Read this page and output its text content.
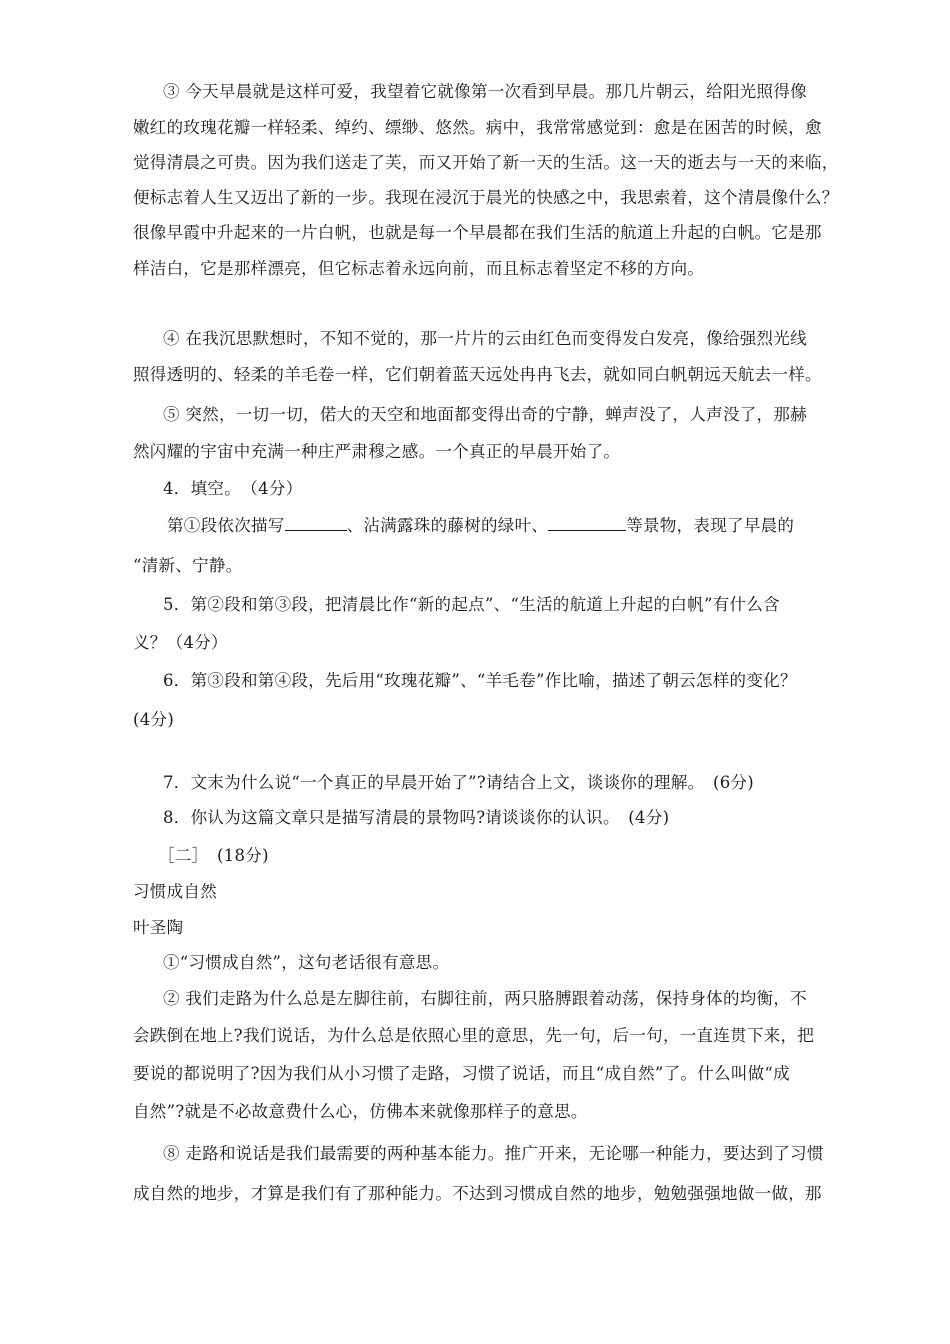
③ 今天早晨就是这样可爱，我望着它就像第一次看到早晨。那几片朝云，给阳光照得像
嫩红的玫瑰花瓣一样轻柔、绰约、缥缈、悠然。病中，我常常感觉到：愈是在困苦的时候，愈
觉得清晨之可贵。因为我们送走了芙，而又开始了新一天的生活。这一天的逝去与一天的来临，
便标志着人生又迈出了新的一步。我现在浸沉于晨光的快感之中，我思索着，这个清晨像什么？
很像早霞中升起来的一片白帆，也就是每一个早晨都在我们生活的航道上升起的白帆。它是那
样洁白，它是那样漂亮，但它标志着永远向前，而且标志着坚定不移的方向。
④ 在我沉思默想时，不知不觉的，那一片片的云由红色而变得发白发亮，像给强烈光线
照得透明的、轻柔的羊毛卷一样，它们朝着蓝天远处冉冉飞去，就如同白帆朝远天航去一样。
⑤ 突然，一切一切，偌大的天空和地面都变得出奇的宁静，蝉声没了，人声没了，那赫
然闪耀的宇宙中充满一种庄严肃穆之感。一个真正的早晨开始了。
4．填空。　（4分）
第①段依次描写	、沾满露珠的藤树的绿叶、	等景物，表现了早晨的
“清新、宁静。
5．第②段和第③段，把清晨比作“新的起点”、“生活的航道上升起的白帆”有什么含
义？（4分）
6．第③段和第④段，先后用“玫瑰花瓣”、“羊毛卷”作比喻，描述了朝云怎样的变化？
(4分)
7．文末为什么说“一个真正的早晨开始了”?请结合上文，谈谈你的理解。　(6分)
8．你认为这篇文章只是描写清晨的景物吗?请谈谈你的认识。　(4分)
［二］　(18分)
习惯成自然
叶圣陶
①“习惯成自然”，这句老话很有意思。
② 我们走路为什么总是左脚往前，右脚往前，两只胳膊跟着动荡，保持身体的均衡，不
会跌倒在地上?我们说话，为什么总是依照心里的意思，先一句，后一句，一直连贯下来，把
要说的都说明了?因为我们从小习惯了走路，习惯了说话，而且“成自然”了。什么叫做“成
自然”?就是不必故意费什么心，仿佛本来就像那样子的意思。
⑧ 走路和说话是我们最需要的两种基本能力。推广开来，无论哪一种能力，要达到了习惯
成自然的地步，才算是我们有了那种能力。不达到习惯成自然的地步，勉勉强强地做一做，那
